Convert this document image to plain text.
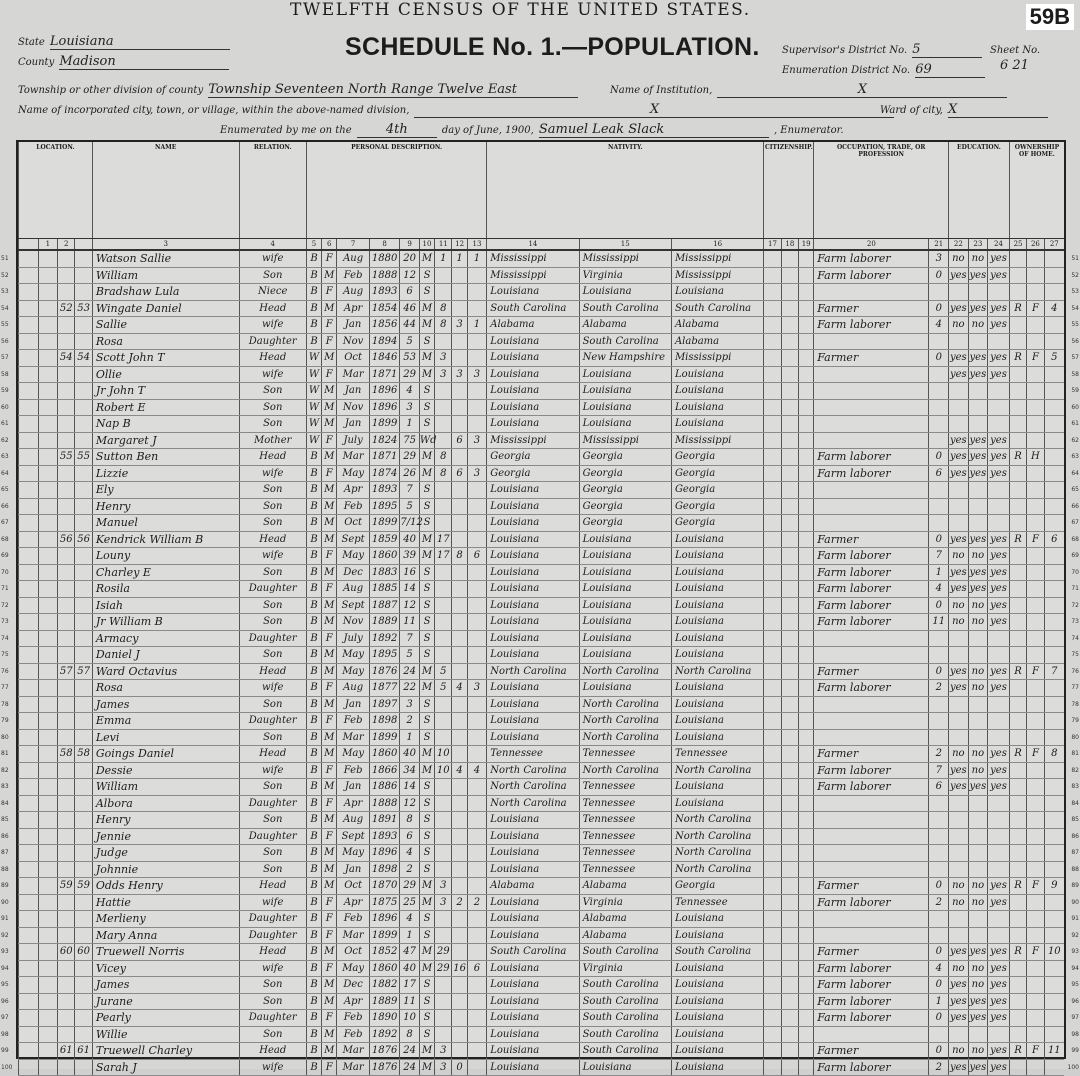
TWELFTH CENSUS OF THE UNITED STATES.
SCHEDULE No. 1.—POPULATION.
59B
State Louisiana
County Madison
Supervisor's District No. 5
Enumeration District No. 69
Sheet No.
6 21
Township or other division of county Township Seventeen North Range Twelve East	Name of Institution,	X
Name of incorporated city, town, or village, within the above-named division,	X	Ward of city, X
Enumerated by me on the	4th	day of June, 1900, Samuel Leak Slack	, Enumerator.
LOCATION.				NAME	RELATION.	PERSONAL DESCRIPTION.									NATIVITY.			CITIZENSHIP.			OCCUPATION, TRADE, OR PROFESSION		EDUCATION.			OWNERSHIP OF HOME.		

	1	2		3	4	5	6	7	8	9	10	11	12	13	14	15	16	17	18	19	20	21	22	23	24	25	26	27
				Watson Sallie	wife	B	F	Aug	1880	20	M	1	1	1	Mississippi	Mississippi	Mississippi				Farm laborer	3	no	no	yes			
				William	Son	B	M	Feb	1888	12	S				Mississippi	Virginia	Mississippi				Farm laborer	0	yes	yes	yes			
				Bradshaw Lula	Niece	B	F	Aug	1893	6	S				Louisiana	Louisiana	Louisiana											
		52	53	Wingate Daniel	Head	B	M	Apr	1854	46	M	8			South Carolina	South Carolina	South Carolina				Farmer	0	yes	yes	yes	R	F	4
				Sallie	wife	B	F	Jan	1856	44	M	8	3	1	Alabama	Alabama	Alabama				Farm laborer	4	no	no	yes			
				Rosa	Daughter	B	F	Nov	1894	5	S				Louisiana	South Carolina	Alabama											
		54	54	Scott John T	Head	W	M	Oct	1846	53	M	3			Louisiana	New Hampshire	Mississippi				Farmer	0	yes	yes	yes	R	F	5
				Ollie	wife	W	F	Mar	1871	29	M	3	3	3	Louisiana	Louisiana	Louisiana						yes	yes	yes			
				Jr John T	Son	W	M	Jan	1896	4	S				Louisiana	Louisiana	Louisiana											
				Robert E	Son	W	M	Nov	1896	3	S				Louisiana	Louisiana	Louisiana											
				Nap B	Son	W	M	Jan	1899	1	S				Louisiana	Louisiana	Louisiana											
				Margaret J	Mother	W	F	July	1824	75	Wd		6	3	Mississippi	Mississippi	Mississippi						yes	yes	yes			
		55	55	Sutton Ben	Head	B	M	Mar	1871	29	M	8			Georgia	Georgia	Georgia				Farm laborer	0	yes	yes	yes	R	H	
				Lizzie	wife	B	F	May	1874	26	M	8	6	3	Georgia	Georgia	Georgia				Farm laborer	6	yes	yes	yes			
				Ely	Son	B	M	Apr	1893	7	S				Louisiana	Georgia	Georgia											
				Henry	Son	B	M	Feb	1895	5	S				Louisiana	Georgia	Georgia											
				Manuel	Son	B	M	Oct	1899	7/12	S				Louisiana	Georgia	Georgia											
		56	56	Kendrick William B	Head	B	M	Sept	1859	40	M	17			Louisiana	Louisiana	Louisiana				Farmer	0	yes	yes	yes	R	F	6
				Louny	wife	B	F	May	1860	39	M	17	8	6	Louisiana	Louisiana	Louisiana				Farm laborer	7	no	no	yes			
				Charley E	Son	B	M	Dec	1883	16	S				Louisiana	Louisiana	Louisiana				Farm laborer	1	yes	yes	yes			
				Rosila	Daughter	B	F	Aug	1885	14	S				Louisiana	Louisiana	Louisiana				Farm laborer	4	yes	yes	yes			
				Isiah	Son	B	M	Sept	1887	12	S				Louisiana	Louisiana	Louisiana				Farm laborer	0	no	no	yes			
				Jr William B	Son	B	M	Nov	1889	11	S				Louisiana	Louisiana	Louisiana				Farm laborer	11	no	no	yes			
				Armacy	Daughter	B	F	July	1892	7	S				Louisiana	Louisiana	Louisiana											
				Daniel J	Son	B	M	May	1895	5	S				Louisiana	Louisiana	Louisiana											
		57	57	Ward Octavius	Head	B	M	May	1876	24	M	5			North Carolina	North Carolina	North Carolina				Farmer	0	yes	no	yes	R	F	7
				Rosa	wife	B	F	Aug	1877	22	M	5	4	3	Louisiana	Louisiana	Louisiana				Farm laborer	2	yes	no	yes			
				James	Son	B	M	Jan	1897	3	S				Louisiana	North Carolina	Louisiana											
				Emma	Daughter	B	F	Feb	1898	2	S				Louisiana	North Carolina	Louisiana											
				Levi	Son	B	M	Mar	1899	1	S				Louisiana	North Carolina	Louisiana											
		58	58	Goings Daniel	Head	B	M	May	1860	40	M	10			Tennessee	Tennessee	Tennessee				Farmer	2	no	no	yes	R	F	8
				Dessie	wife	B	F	Feb	1866	34	M	10	4	4	North Carolina	North Carolina	North Carolina				Farm laborer	7	yes	no	yes			
				William	Son	B	M	Jan	1886	14	S				North Carolina	Tennessee	Louisiana				Farm laborer	6	yes	yes	yes			
				Albora	Daughter	B	F	Apr	1888	12	S				North Carolina	Tennessee	Louisiana											
				Henry	Son	B	M	Aug	1891	8	S				Louisiana	Tennessee	North Carolina											
				Jennie	Daughter	B	F	Sept	1893	6	S				Louisiana	Tennessee	North Carolina											
				Judge	Son	B	M	May	1896	4	S				Louisiana	Tennessee	North Carolina											
				Johnnie	Son	B	M	Jan	1898	2	S				Louisiana	Tennessee	North Carolina											
		59	59	Odds Henry	Head	B	M	Oct	1870	29	M	3			Alabama	Alabama	Georgia				Farmer	0	no	no	yes	R	F	9
				Hattie	wife	B	F	Apr	1875	25	M	3	2	2	Louisiana	Virginia	Tennessee				Farm laborer	2	no	no	yes			
				Merlieny	Daughter	B	F	Feb	1896	4	S				Louisiana	Alabama	Louisiana											
				Mary Anna	Daughter	B	F	Mar	1899	1	S				Louisiana	Alabama	Louisiana											
		60	60	Truewell Norris	Head	B	M	Oct	1852	47	M	29			South Carolina	South Carolina	South Carolina				Farmer	0	yes	yes	yes	R	F	10
				Vicey	wife	B	F	May	1860	40	M	29	16	6	Louisiana	Virginia	Louisiana				Farm laborer	4	no	no	yes			
				James	Son	B	M	Dec	1882	17	S				Louisiana	South Carolina	Louisiana				Farm laborer	0	yes	no	yes			
				Jurane	Son	B	M	Apr	1889	11	S				Louisiana	South Carolina	Louisiana				Farm laborer	1	yes	yes	yes			
				Pearly	Daughter	B	F	Feb	1890	10	S				Louisiana	South Carolina	Louisiana				Farm laborer	0	yes	yes	yes			
				Willie	Son	B	M	Feb	1892	8	S				Louisiana	South Carolina	Louisiana											
		61	61	Truewell Charley	Head	B	M	Mar	1876	24	M	3			Louisiana	South Carolina	Louisiana				Farmer	0	no	no	yes	R	F	11
				Sarah J	wife	B	F	Mar	1876	24	M	3	0		Louisiana	Louisiana	Louisiana				Farm laborer	2	yes	yes	yes			
51	51
52	52
53	53
54	54
55	55
56	56
57	57
58	58
59	59
60	60
61	61
62	62
63	63
64	64
65	65
66	66
67	67
68	68
69	69
70	70
71	71
72	72
73	73
74	74
75	75
76	76
77	77
78	78
79	79
80	80
81	81
82	82
83	83
84	84
85	85
86	86
87	87
88	88
89	89
90	90
91	91
92	92
93	93
94	94
95	95
96	96
97	97
98	98
99	99
100	100
